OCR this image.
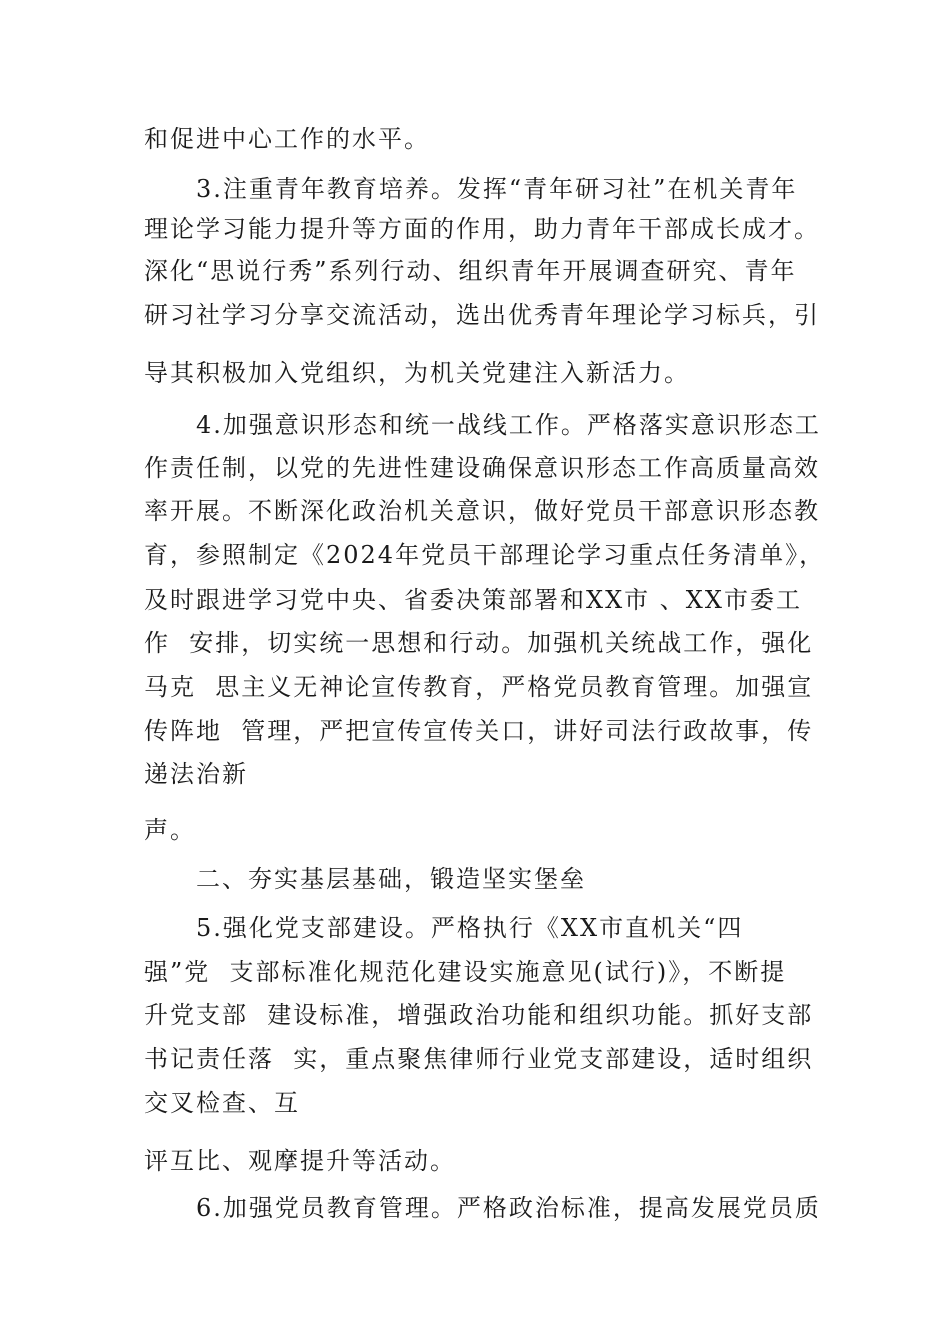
和促进中心工作的水平。
3.注重青年教育培养。发挥“青年研习社”在机关青年
理论学习能力提升等方面的作用，助力青年干部成长成才。
深化“思说行秀”系列行动、组织青年开展调查研究、青年
研习社学习分享交流活动，选出优秀青年理论学习标兵，引
导其积极加入党组织，为机关党建注入新活力。
4.加强意识形态和统一战线工作。严格落实意识形态工
作责任制，以党的先进性建设确保意识形态工作高质量高效
率开展。不断深化政治机关意识，做好党员干部意识形态教
育，参照制定《2024年党员干部理论学习重点任务清单》，
及时跟进学习党中央、省委决策部署和XX市 、XX市委工
作  安排，切实统一思想和行动。加强机关统战工作，强化
马克  思主义无神论宣传教育，严格党员教育管理。加强宣
传阵地  管理，严把宣传宣传关口，讲好司法行政故事，传
递法治新
声。
二、夯实基层基础，锻造坚实堡垒
5.强化党支部建设。严格执行《XX市直机关“四
强”党  支部标准化规范化建设实施意见(试行)》，不断提
升党支部  建设标准，增强政治功能和组织功能。抓好支部
书记责任落  实，重点聚焦律师行业党支部建设，适时组织
交叉检查、互
评互比、观摩提升等活动。
6.加强党员教育管理。严格政治标准，提高发展党员质
